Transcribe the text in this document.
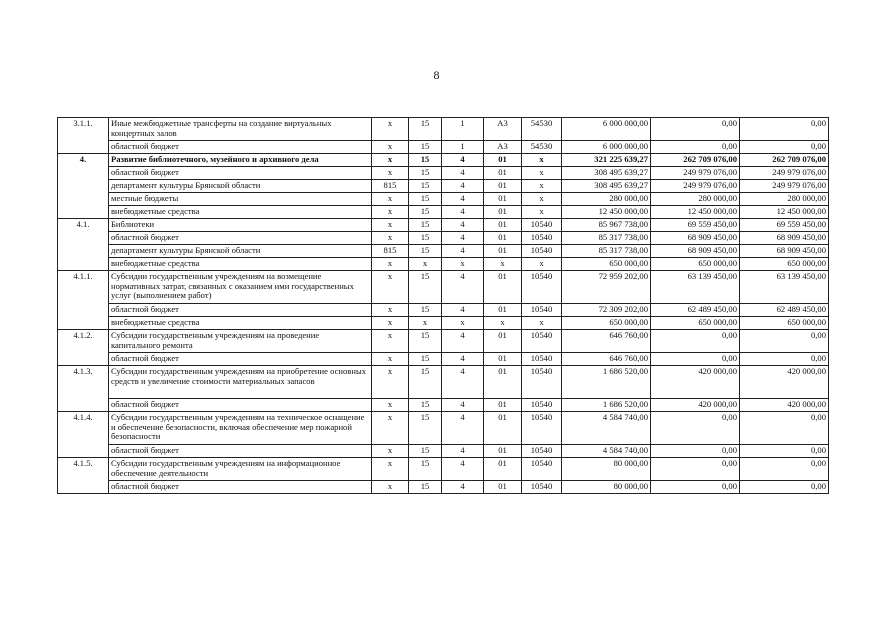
8
3.1.1.	Иные межбюджетные трансферты на создание виртуальных концертных залов	x	15	1	A3	54530	6 000 000,00	0,00	0,00
	областной бюджет	x	15	1	A3	54530	6 000 000,00	0,00	0,00
4.	Развитие библиотечного, музейного и архивного дела	x	15	4	01	x	321 225 639,27	262 709 076,00	262 709 076,00
	областной бюджет	x	15	4	01	x	308 495 639,27	249 979 076,00	249 979 076,00
	департамент культуры Брянской области	815	15	4	01	x	308 495 639,27	249 979 076,00	249 979 076,00
	местные бюджеты	x	15	4	01	x	280 000,00	280 000,00	280 000,00
	внебюджетные средства	x	15	4	01	x	12 450 000,00	12 450 000,00	12 450 000,00
4.1.	Библиотеки	x	15	4	01	10540	85 967 738,00	69 559 450,00	69 559 450,00
	областной бюджет	x	15	4	01	10540	85 317 738,00	68 909 450,00	68 909 450,00
	департамент культуры Брянской области	815	15	4	01	10540	85 317 738,00	68 909 450,00	68 909 450,00
	внебюджетные средства	x	x	x	x	x	650 000,00	650 000,00	650 000,00
4.1.1.	Субсидии государственным учреждениям на возмещение нормативных затрат, связанных с оказанием ими государственных услуг (выполнением работ)	x	15	4	01	10540	72 959 202,00	63 139 450,00	63 139 450,00
	областной бюджет	x	15	4	01	10540	72 309 202,00	62 489 450,00	62 489 450,00
	внебюджетные средства	x	x	x	x	x	650 000,00	650 000,00	650 000,00
4.1.2.	Субсидии государственным учреждениям на проведение капитального ремонта	x	15	4	01	10540	646 760,00	0,00	0,00
	областной бюджет	x	15	4	01	10540	646 760,00	0,00	0,00
4.1.3.	Субсидии государственным учреждениям на приобретение основных средств и увеличение стоимости материальных запасов	x	15	4	01	10540	1 686 520,00	420 000,00	420 000,00
	областной бюджет	x	15	4	01	10540	1 686 520,00	420 000,00	420 000,00
4.1.4.	Субсидии государственным учреждениям на техническое оснащение и обеспечение безопасности, включая обеспечение мер пожарной безопасности	x	15	4	01	10540	4 584 740,00	0,00	0,00
	областной бюджет	x	15	4	01	10540	4 584 740,00	0,00	0,00
4.1.5.	Субсидии государственным учреждениям на информационное обеспечение деятельности	x	15	4	01	10540	80 000,00	0,00	0,00
	областной бюджет	x	15	4	01	10540	80 000,00	0,00	0,00
